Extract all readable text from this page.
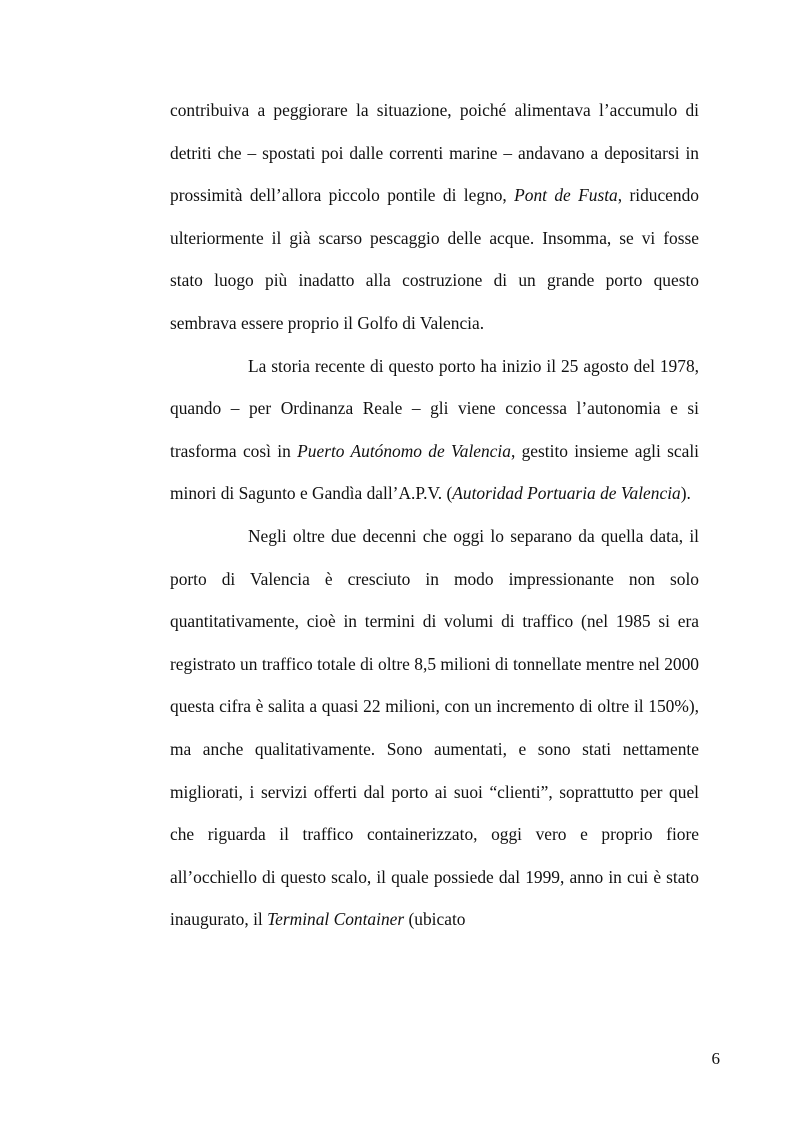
contribuiva a peggiorare la situazione, poiché alimentava l’accumulo di detriti che – spostati poi dalle correnti marine – andavano a depositarsi in prossimità dell’allora piccolo pontile di legno, Pont de Fusta, riducendo ulteriormente il già scarso pescaggio delle acque. Insomma, se vi fosse stato luogo più inadatto alla costruzione di un grande porto questo sembrava essere proprio il Golfo di Valencia.

La storia recente di questo porto ha inizio il 25 agosto del 1978, quando – per Ordinanza Reale – gli viene concessa l’autonomia e si trasforma così in Puerto Autónomo de Valencia, gestito insieme agli scali minori di Sagunto e Gandìa dall’A.P.V. (Autoridad Portuaria de Valencia).

Negli oltre due decenni che oggi lo separano da quella data, il porto di Valencia è cresciuto in modo impressionante non solo quantitativamente, cioè in termini di volumi di traffico (nel 1985 si era registrato un traffico totale di oltre 8,5 milioni di tonnellate mentre nel 2000 questa cifra è salita a quasi 22 milioni, con un incremento di oltre il 150%), ma anche qualitativamente. Sono aumentati, e sono stati nettamente migliorati, i servizi offerti dal porto ai suoi “clienti”, soprattutto per quel che riguarda il traffico containerizzato, oggi vero e proprio fiore all’occhiello di questo scalo, il quale possiede dal 1999, anno in cui è stato inaugurato, il Terminal Container (ubicato

6
